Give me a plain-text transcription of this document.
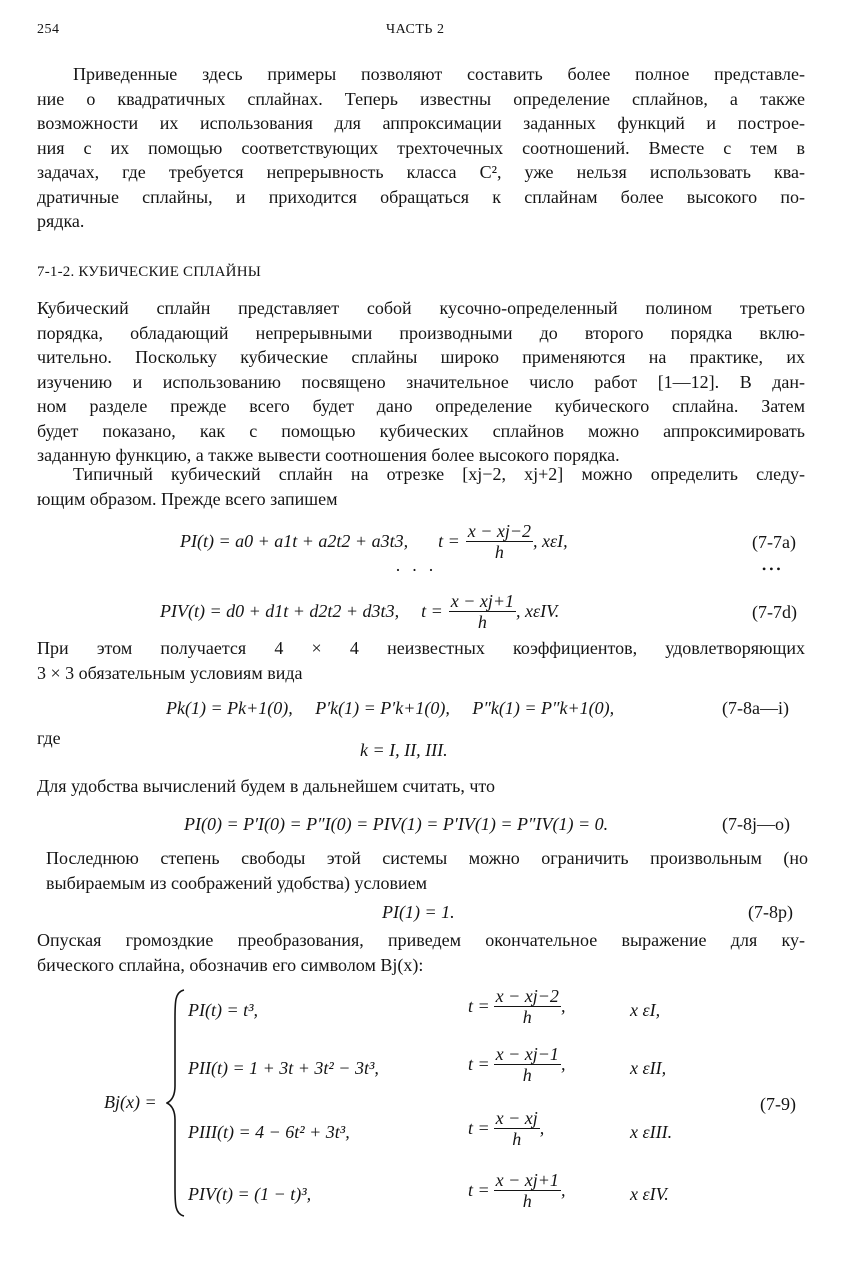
254	ЧАСТЬ 2
Приведенные здесь примеры позволяют составить более полное представле-
ние о квадратичных сплайнах. Теперь известны определение сплайнов, а также
возможности их использования для аппроксимации заданных функций и построе-
ния с их помощью соответствующих трехточечных соотношений. Вместе с тем в
задачах, где требуется непрерывность класса C², уже нельзя использовать ква-
дратичные сплайны, и приходится обращаться к сплайнам более высокого по-
рядка.
7-1-2. КУБИЧЕСКИЕ СПЛАЙНЫ
Кубический сплайн представляет собой кусочно-определенный полином третьего
порядка, обладающий непрерывными производными до второго порядка вклю-
чительно. Поскольку кубические сплайны широко применяются на практике, их
изучению и использованию посвящено значительное число работ [1—12]. В дан-
ном разделе прежде всего будет дано определение кубического сплайна. Затем
будет показано, как с помощью кубических сплайнов можно аппроксимировать
заданную функцию, а также вывести соотношения более высокого порядка.
Типичный кубический сплайн на отрезке [xj−2, xj+2] можно определить следу-
ющим образом. Прежде всего запишем
PI(t) = a0 + a1t + a2t2 + a3t3, $t = \frac{x - xj-2}{h}$ , xεI,	(7-7a)
· · ·	•••
PIV(t) = d0 + d1t + d2t2 + d3t3, $t = \frac{x - xj+1}{h}$ , xεIV.	(7-7d)
При этом получается 4 × 4 неизвестных коэффициентов, удовлетворяющих
3 × 3 обязательным условиям вида
Pk(1) = Pk+1(0),     P′k(1) = P′k+1(0),     P″k(1) = P″k+1(0),	(7-8a—i)
где
k = I, II, III.
Для удобства вычислений будем в дальнейшем считать, что
PI(0) = P′I(0) = P″I(0) = PIV(1) = P′IV(1) = P″IV(1) = 0.	(7-8j—o)
Последнюю степень свободы этой системы можно ограничить произвольным (но
выбираемым из соображений удобства) условием
PI(1) = 1.	(7-8p)
Опуская громоздкие преобразования, приведем окончательное выражение для ку-
бического сплайна, обозначив его символом Bj(x):
Bj(x) =
PI(t) = t³,	$t = \frac{x - xj-2}{h}$ ,	x εI,
PII(t) = 1 + 3t + 3t² − 3t³,	$t = \frac{x - xj-1}{h}$ ,	x εII,
PIII(t) = 4 − 6t² + 3t³,	$t = \frac{x - xj}{h}$ ,	x εIII.
PIV(t) = (1 − t)³,	$t = \frac{x - xj+1}{h}$ ,	x εIV.
(7-9)
